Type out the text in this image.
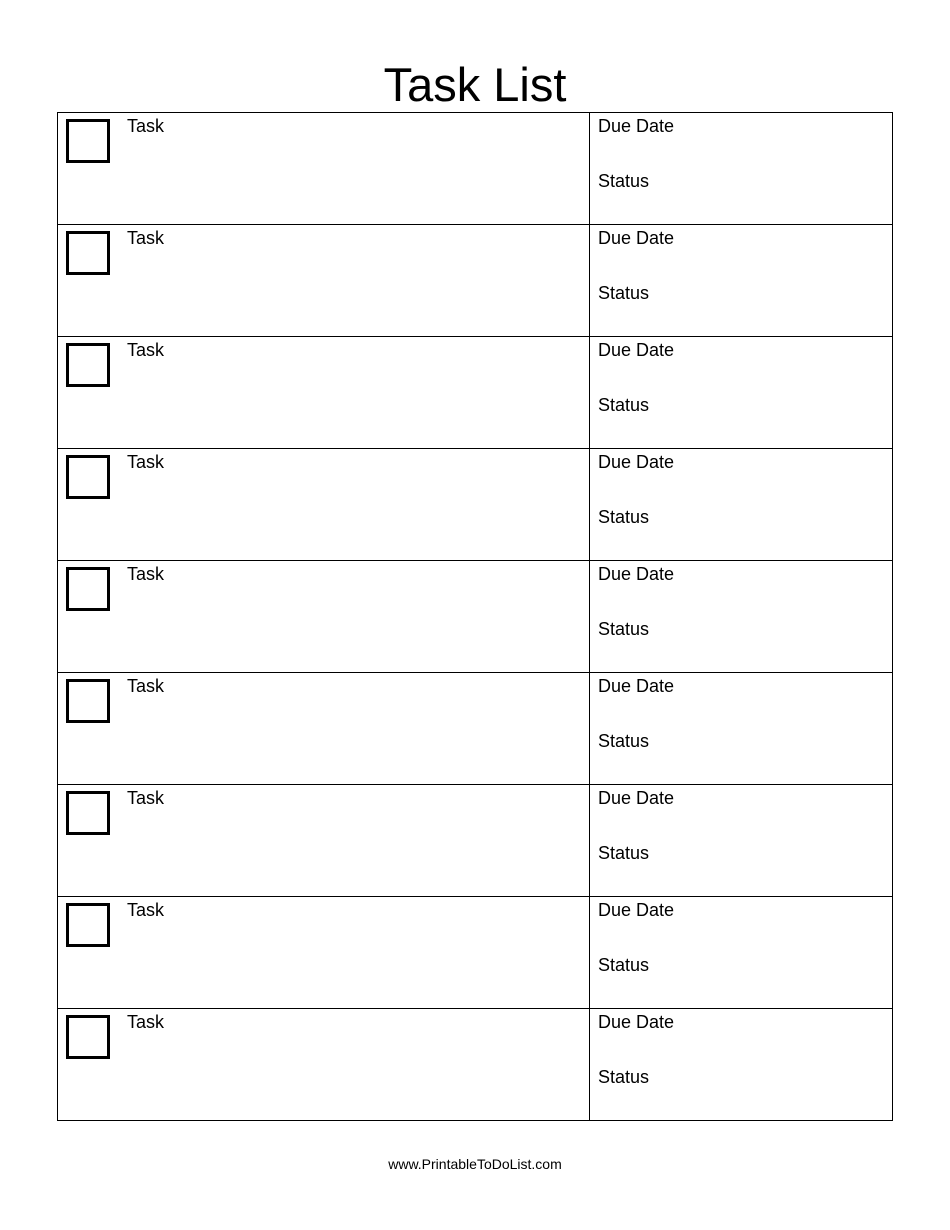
Task List
Task	Due Date
Status
Task	Due Date
Status
Task	Due Date
Status
Task	Due Date
Status
Task	Due Date
Status
Task	Due Date
Status
Task	Due Date
Status
Task	Due Date
Status
Task	Due Date
Status
www.PrintableToDoList.com
